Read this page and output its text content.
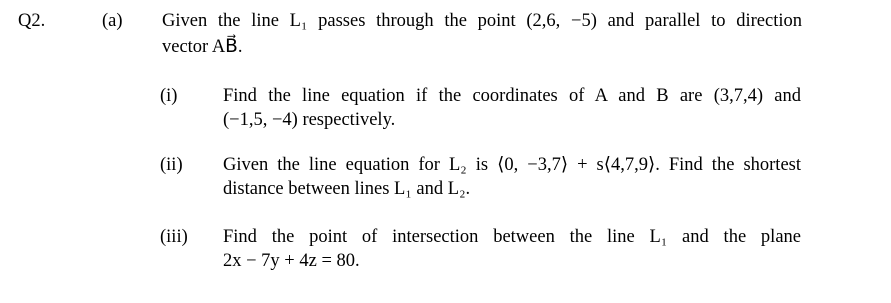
Q2.	(a) Given the line L₁ passes through the point (2,6, −5) and parallel to direction
vector AB⃗.
(i) Find the line equation if the coordinates of A and B are (3,7,4) and
(−1,5, −4) respectively.
(ii) Given the line equation for L₂ is ⟨0, −3,7⟩ + s⟨4,7,9⟩. Find the shortest
distance between lines L₁ and L₂.
(iii) Find the point of intersection between the line L₁ and the plane
2x − 7y + 4z = 80.
